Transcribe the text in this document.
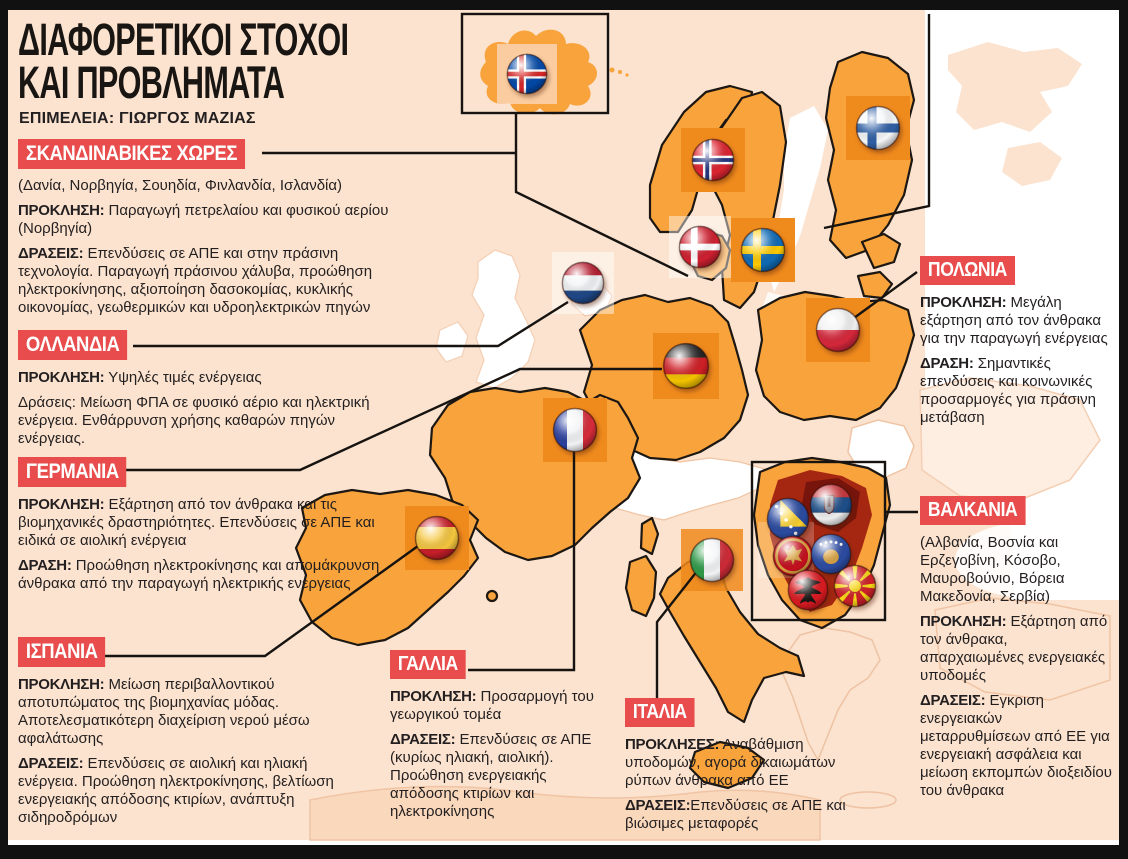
ΔΙΑΦΟΡΕΤΙΚΟΙ ΣΤΟΧΟΙ
ΚΑΙ ΠΡΟΒΛΗΜΑΤΑ
ΕΠΙΜΕΛΕΙΑ: ΓΙΩΡΓΟΣ ΜΑΖΙΑΣ
ΣΚΑΝΔΙΝΑΒΙΚΕΣ ΧΩΡΕΣ

(Δανία, Νορβηγία, Σουηδία, Φινλανδία, Ισλανδία)

ΠΡΟΚΛΗΣΗ: Παραγωγή πετρελαίου και φυσικού αερίου (Νορβηγία)

ΔΡΑΣΕΙΣ: Επενδύσεις σε ΑΠΕ και στην πράσινη τεχνολογία. Παραγωγή πράσινου χάλυβα, προώθηση ηλεκτροκίνησης, αξιοποίηση δασοκομίας, κυκλικής οικονομίας, γεωθερμικών και υδροηλεκτρικών πηγών

ΟΛΛΑΝΔΙΑ

ΠΡΟΚΛΗΣΗ: Υψηλές τιμές ενέργειας

Δράσεις: Μείωση ΦΠΑ σε φυσικό αέριο και ηλεκτρική ενέργεια. Ενθάρρυνση χρήσης καθαρών πηγών ενέργειας.

ΓΕΡΜΑΝΙΑ

ΠΡΟΚΛΗΣΗ: Εξάρτηση από τον άνθρακα και τις βιομηχανικές δραστηριότητες. Επενδύσεις σε ΑΠΕ και ειδικά σε αιολική ενέργεια

ΔΡΑΣΗ: Προώθηση ηλεκτροκίνησης και απομάκρυνση άνθρακα από την παραγωγή ηλεκτρικής ενέργειας

ΙΣΠΑΝΙΑ

ΠΡΟΚΛΗΣΗ: Μείωση περιβαλλοντικού αποτυπώματος της βιομηχανίας μόδας. Αποτελεσματικότερη διαχείριση νερού μέσω αφαλάτωσης

ΔΡΑΣΕΙΣ: Επενδύσεις σε αιολική και ηλιακή ενέργεια. Προώθηση ηλεκτροκίνησης, βελτίωση ενεργειακής απόδοσης κτιρίων, ανάπτυξη σιδηροδρόμων

ΓΑΛΛΙΑ

ΠΡΟΚΛΗΣΗ: Προσαρμογή του γεωργικού τομέα

ΔΡΑΣΕΙΣ: Επενδύσεις σε ΑΠΕ (κυρίως ηλιακή, αιολική). Προώθηση ενεργειακής απόδοσης κτιρίων και ηλεκτροκίνησης

ΙΤΑΛΙΑ

ΠΡΟΚΛΗΣΕΣ: Αναβάθμιση υποδομών, αγορά δικαιωμάτων ρύπων άνθρακα από ΕΕ

ΔΡΑΣΕΙΣ:Επενδύσεις σε ΑΠΕ και βιώσιμες μεταφορές

ΠΟΛΩΝΙΑ

ΠΡΟΚΛΗΣΗ: Μεγάλη εξάρτηση από τον άνθρακα για την παραγωγή ενέργειας

ΔΡΑΣΗ: Σημαντικές επενδύσεις και κοινωνικές προσαρμογές για πράσινη μετάβαση

ΒΑΛΚΑΝΙΑ

(Αλβανία, Βοσνία και Ερζεγοβίνη, Κόσοβο, Μαυροβούνιο, Βόρεια Μακεδονία, Σερβία)

ΠΡΟΚΛΗΣΗ: Εξάρτηση από τον άνθρακα, απαρχαιωμένες ενεργειακές υποδομές

ΔΡΑΣΕΙΣ: Εγκριση ενεργειακών μεταρρυθμίσεων από ΕΕ για ενεργειακή ασφάλεια και μείωση εκπομπών διοξειδίου του άνθρακα
